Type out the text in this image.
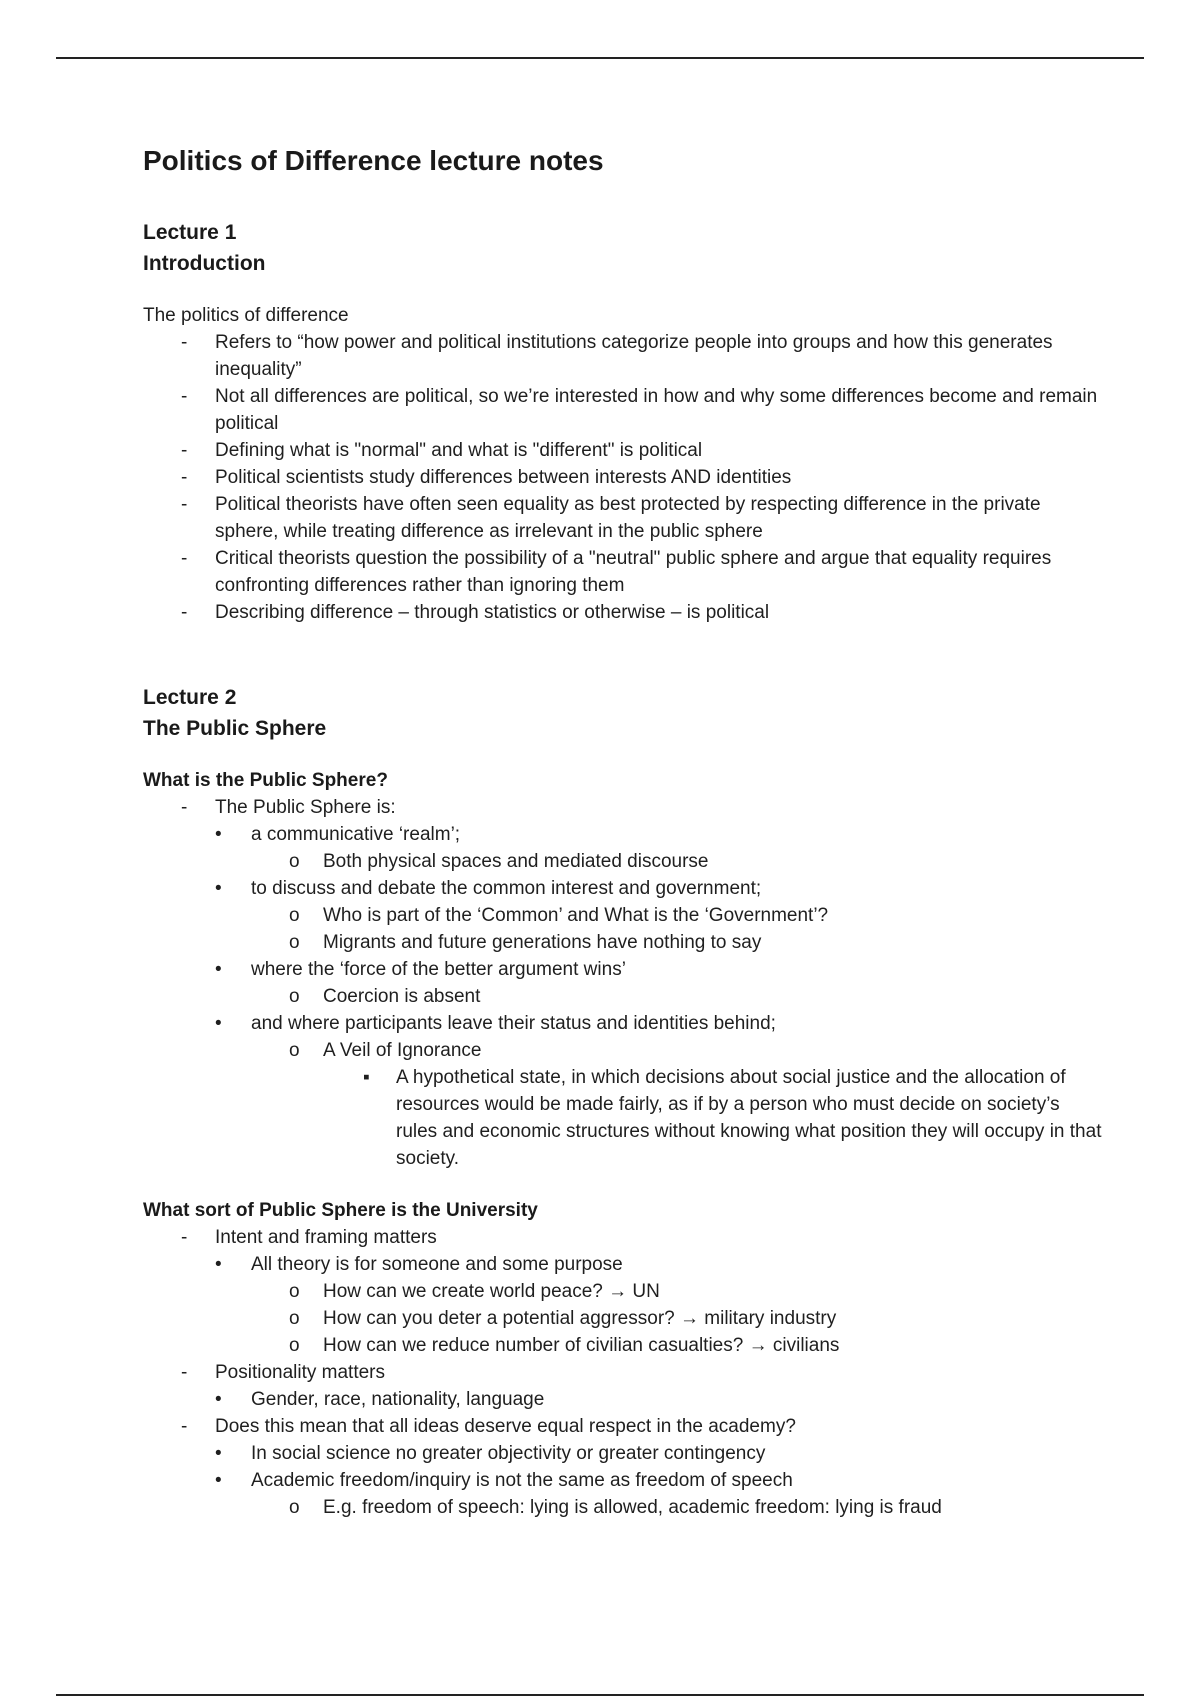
Politics of Difference lecture notes
Lecture 1
Introduction
The politics of difference
- Refers to “how power and political institutions categorize people into groups and how this generates inequality”
- Not all differences are political, so we’re interested in how and why some differences become and remain political
- Defining what is "normal" and what is "different" is political
- Political scientists study differences between interests AND identities
- Political theorists have often seen equality as best protected by respecting difference in the private sphere, while treating difference as irrelevant in the public sphere
- Critical theorists question the possibility of a "neutral" public sphere and argue that equality requires confronting differences rather than ignoring them
- Describing difference – through statistics or otherwise – is political
Lecture 2
The Public Sphere
What is the Public Sphere?
- The Public Sphere is:
• a communicative ‘realm’;
o Both physical spaces and mediated discourse
• to discuss and debate the common interest and government;
o Who is part of the ‘Common’ and What is the ‘Government’?
o Migrants and future generations have nothing to say
• where the ‘force of the better argument wins’
o Coercion is absent
• and where participants leave their status and identities behind;
o A Veil of Ignorance
▪ A hypothetical state, in which decisions about social justice and the allocation of resources would be made fairly, as if by a person who must decide on society’s rules and economic structures without knowing what position they will occupy in that society.
What sort of Public Sphere is the University
- Intent and framing matters
• All theory is for someone and some purpose
o How can we create world peace? → UN
o How can you deter a potential aggressor? → military industry
o How can we reduce number of civilian casualties? → civilians
- Positionality matters
• Gender, race, nationality, language
- Does this mean that all ideas deserve equal respect in the academy?
• In social science no greater objectivity or greater contingency
• Academic freedom/inquiry is not the same as freedom of speech
o E.g. freedom of speech: lying is allowed, academic freedom: lying is fraud
